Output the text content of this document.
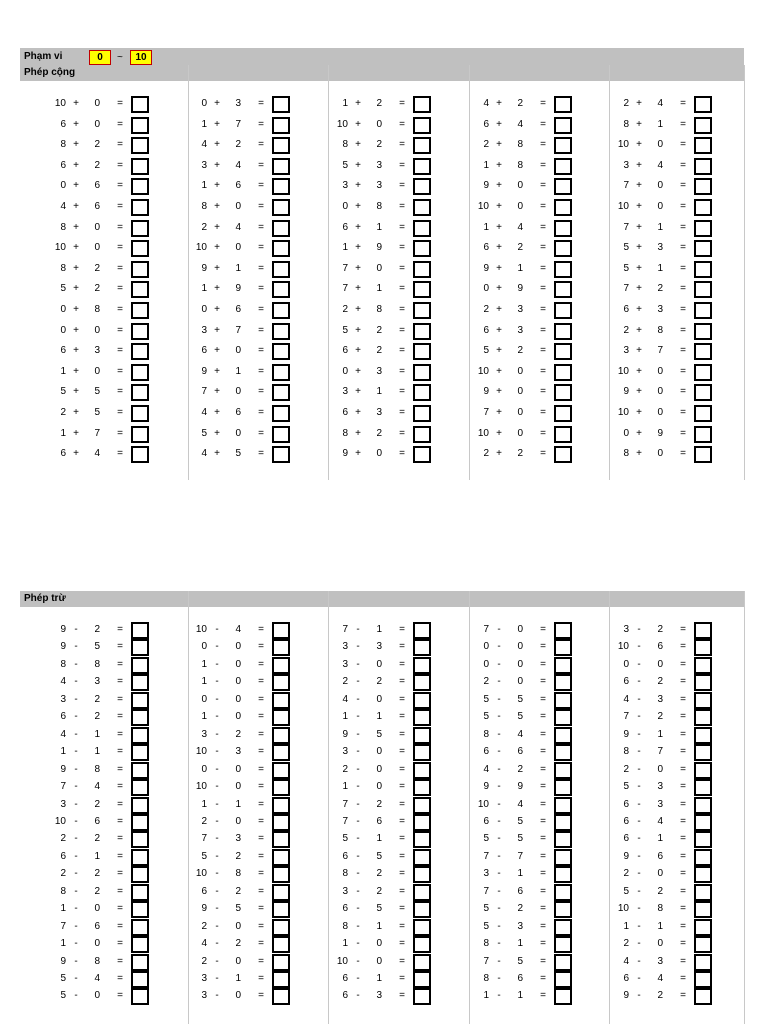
Phạm vi	0	~	10
Phép cộng
Phép trừ
10 +	0 =
6 +	0 =
8 +	2 =
6 +	2 =
0 +	6 =
4 +	6 =
8 +	0 =
10 +	0 =
8 +	2 =
5 +	2 =
0 +	8 =
0 +	0 =
6 +	3 =
1 +	0 =
5 +	5 =
2 +	5 =
1 +	7 =
6 +	4 =
0 +	3 =
1 +	7 =
4 +	2 =
3 +	4 =
1 +	6 =
8 +	0 =
2 +	4 =
10 +	0 =
9 +	1 =
1 +	9 =
0 +	6 =
3 +	7 =
6 +	0 =
9 +	1 =
7 +	0 =
4 +	6 =
5 +	0 =
4 +	5 =
1 +	2 =
10 +	0 =
8 +	2 =
5 +	3 =
3 +	3 =
0 +	8 =
6 +	1 =
1 +	9 =
7 +	0 =
7 +	1 =
2 +	8 =
5 +	2 =
6 +	2 =
0 +	3 =
3 +	1 =
6 +	3 =
8 +	2 =
9 +	0 =
4 +	2 =
6 +	4 =
2 +	8 =
1 +	8 =
9 +	0 =
10 +	0 =
1 +	4 =
6 +	2 =
9 +	1 =
0 +	9 =
2 +	3 =
6 +	3 =
5 +	2 =
10 +	0 =
9 +	0 =
7 +	0 =
10 +	0 =
2 +	2 =
2 +	4 =
8 +	1 =
10 +	0 =
3 +	4 =
7 +	0 =
10 +	0 =
7 +	1 =
5 +	3 =
5 +	1 =
7 +	2 =
6 +	3 =
2 +	8 =
3 +	7 =
10 +	0 =
9 +	0 =
10 +	0 =
0 +	9 =
8 +	0 =
9 -	2 =
9 -	5 =
8 -	8 =
4 -	3 =
3 -	2 =
6 -	2 =
4 -	1 =
1 -	1 =
9 -	8 =
7 -	4 =
3 -	2 =
10 -	6 =
2 -	2 =
6 -	1 =
2 -	2 =
8 -	2 =
1 -	0 =
7 -	6 =
1 -	0 =
9 -	8 =
5 -	4 =
5 -	0 =
10 -	4 =
0 -	0 =
1 -	0 =
1 -	0 =
0 -	0 =
1 -	0 =
3 -	2 =
10 -	3 =
0 -	0 =
10 -	0 =
1 -	1 =
2 -	0 =
7 -	3 =
5 -	2 =
10 -	8 =
6 -	2 =
9 -	5 =
2 -	0 =
4 -	2 =
2 -	0 =
3 -	1 =
3 -	0 =
7 -	1 =
3 -	3 =
3 -	0 =
2 -	2 =
4 -	0 =
1 -	1 =
9 -	5 =
3 -	0 =
2 -	0 =
1 -	0 =
7 -	2 =
7 -	6 =
5 -	1 =
6 -	5 =
8 -	2 =
3 -	2 =
6 -	5 =
8 -	1 =
1 -	0 =
10 -	0 =
6 -	1 =
6 -	3 =
7 -	0 =
0 -	0 =
0 -	0 =
2 -	0 =
5 -	5 =
5 -	5 =
8 -	4 =
6 -	6 =
4 -	2 =
9 -	9 =
10 -	4 =
6 -	5 =
5 -	5 =
7 -	7 =
3 -	1 =
7 -	6 =
5 -	2 =
5 -	3 =
8 -	1 =
7 -	5 =
8 -	6 =
1 -	1 =
3 -	2 =
10 -	6 =
0 -	0 =
6 -	2 =
4 -	3 =
7 -	2 =
9 -	1 =
8 -	7 =
2 -	0 =
5 -	3 =
6 -	3 =
6 -	4 =
6 -	1 =
9 -	6 =
2 -	0 =
5 -	2 =
10 -	8 =
1 -	1 =
2 -	0 =
4 -	3 =
6 -	4 =
9 -	2 =
